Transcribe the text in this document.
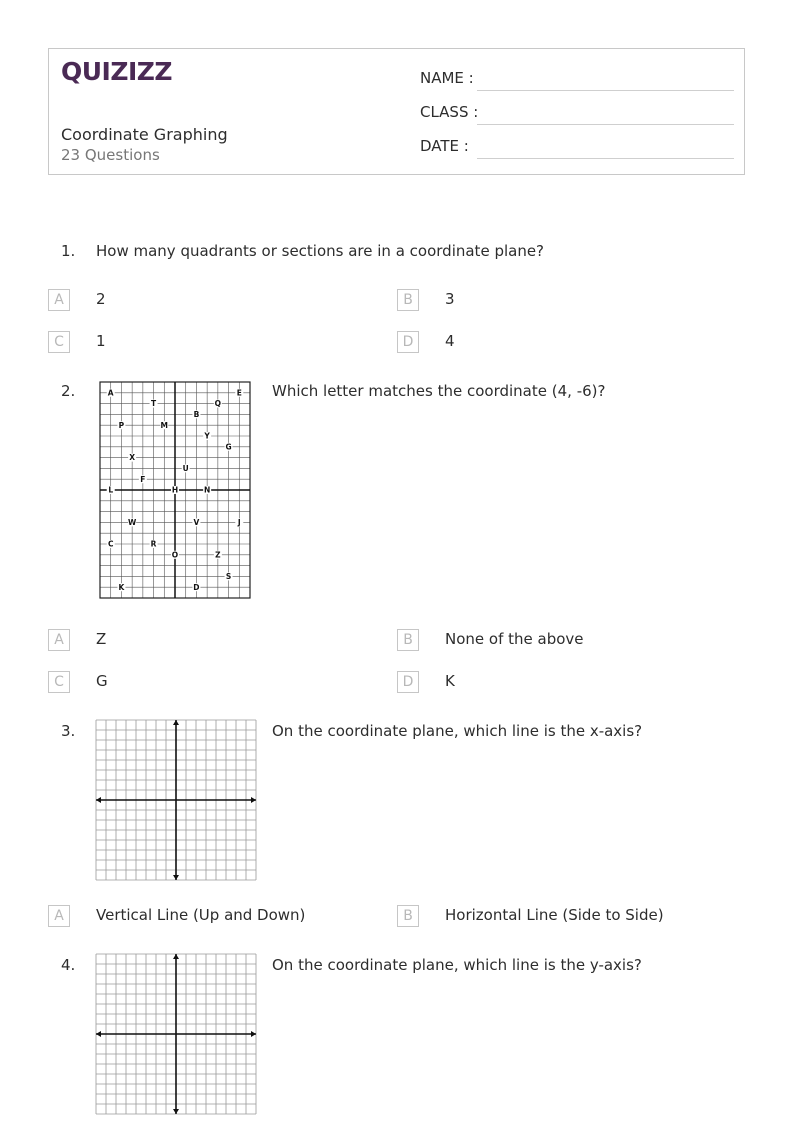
QUIZIZZ
Coordinate Graphing
23 Questions
NAME :
CLASS :
DATE :
1. How many quadrants or sections are in a coordinate plane?
A	2	B	3
C	1	D	4
2.	Which letter matches the coordinate (4, -6)?
A	E
T	Q
B
P	M
Y
G
X
U
F
L	H	N
W	V	J
C	R
O	Z
S
K	D
A	Z	B	None of the above
C	G	D	K
3.	On the coordinate plane, which line is the x-axis?
A	Vertical Line (Up and Down)	B	Horizontal Line (Side to Side)
4.	On the coordinate plane, which line is the y-axis?
